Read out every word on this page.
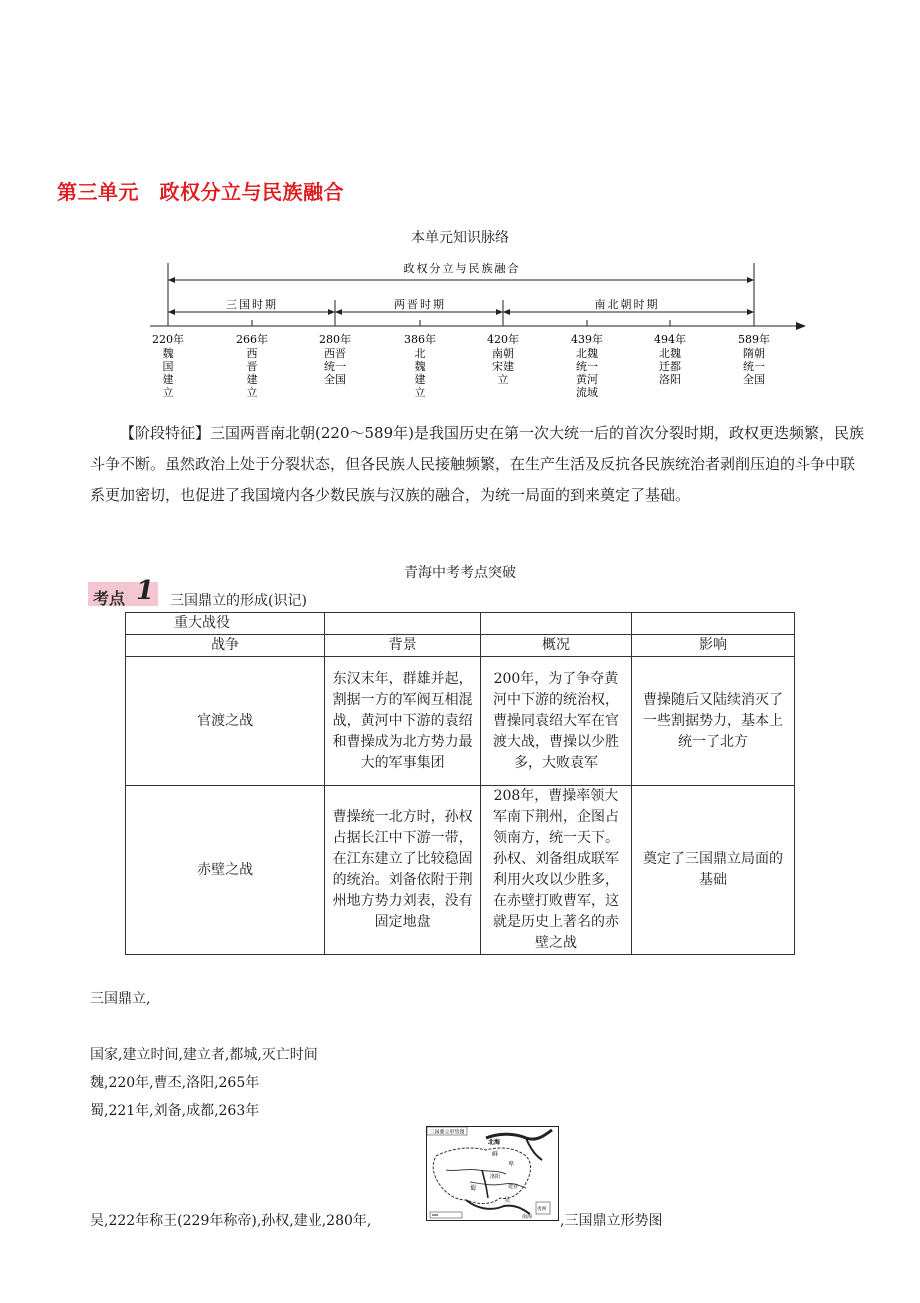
第三单元　政权分立与民族融合
本单元知识脉络
政权分立与民族融合
三国时期	两晋时期	南北朝时期
220年
魏
国
建
立
266年
西
晋
建
立
280年
西晋
统一
全国
386年
北
魏
建
立
420年
南朝
宋建
立
439年
北魏
统一
黄河
流域
494年
北魏
迁都
洛阳
589年
隋朝
统一
全国
【阶段特征】三国两晋南北朝(220～589年)是我国历史在第一次大统一后的首次分裂时期，政权更迭频繁，民族斗争不断。虽然政治上处于分裂状态，但各民族人民接触频繁，在生产生活及反抗各民族统治者剥削压迫的斗争中联系更加密切，也促进了我国境内各少数民族与汉族的融合，为统一局面的到来奠定了基础。
青海中考考点突破
考点 1 三国鼎立的形成(识记)
重大战役			
战争	背景	概况	影响
官渡之战	东汉末年，群雄并起，割据一方的军阀互相混战，黄河中下游的袁绍和曹操成为北方势力最大的军事集团	200年，为了争夺黄河中下游的统治权，曹操同袁绍大军在官渡大战，曹操以少胜多，大败袁军	曹操随后又陆续消灭了一些割据势力，基本上统一了北方
赤壁之战	曹操统一北方时，孙权占据长江中下游一带，在江东建立了比较稳固的统治。刘备依附于荆州地方势力刘表，没有固定地盘	208年，曹操率领大军南下荆州，企图占领南方，统一天下。孙权、刘备组成联军利用火攻以少胜多，在赤壁打败曹军，这就是历史上著名的赤壁之战	奠定了三国鼎立局面的基础
三国鼎立,
国家,建立时间,建立者,都城,灭亡时间
魏,220年,曹丕,洛阳,265年
蜀,221年,刘备,成都,263年
吴,222年称王(229年称帝),孙权,建业,280年,
三国鼎立形势图
北海
鲜
卑
洛阳
蜀	建业
吴
南海
夷洲
,三国鼎立形势图
